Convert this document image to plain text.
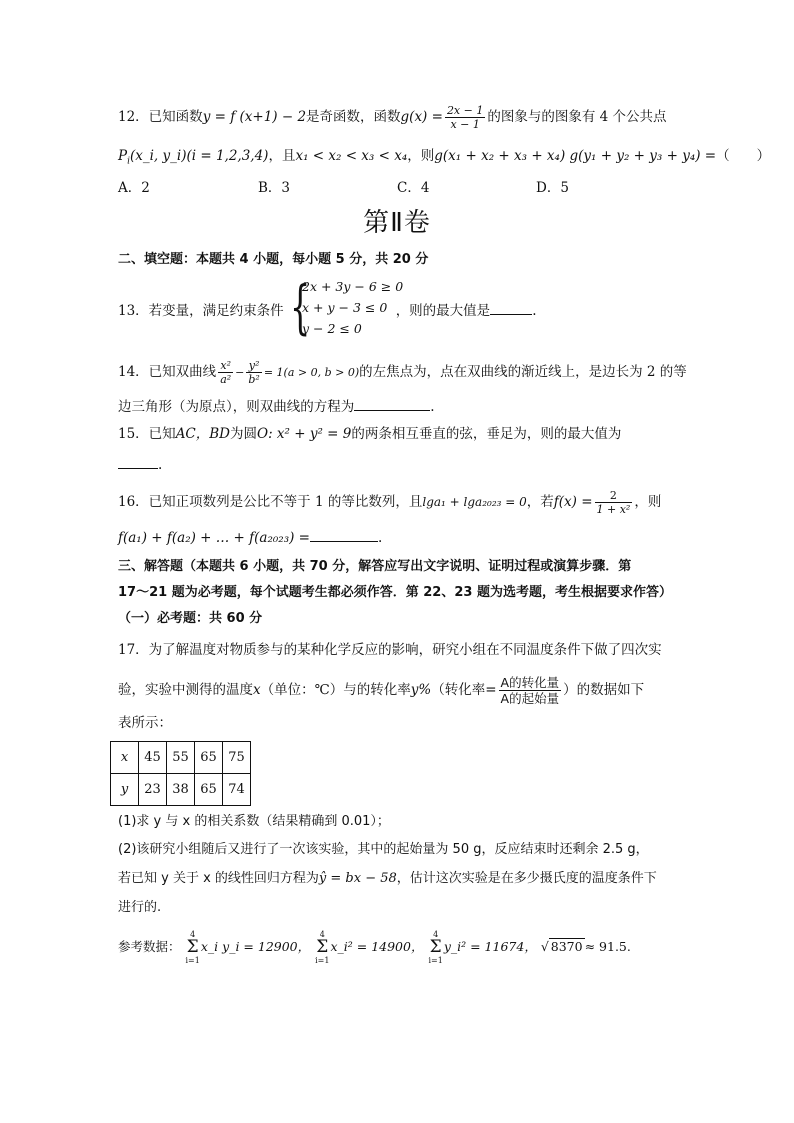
12．已知函数y = f (x+1) − 2是奇函数，函数$g(x) = \frac{2x - 1}{x - 1}$ 的图象与的图象有 4 个公共点
$P_i(x\_i$, y_i)(i = 1,2,3,4)，且x₁ < x₂ < x₃ < x₄，则g(x₁ + x₂ + x₃ + x₄) g(y₁ + y₂ + y₃ + y₄) =（　　）
A．2	B．3	C．4	D．5
第Ⅱ卷
二、填空题：本题共 4 小题，每小题 5 分，共 20 分
13．若变量，满足约束条件	，则的最大值是	.
{
2x + 3y − 6 ≥ 0
x + y − 3 ≤ 0
y − 2 ≤ 0
14．已知双曲线 $\frac{\text{x²}}{\text{a²}} - \frac{\text{y²}}{\text{b²}} = 1(a > 0$, b > 0)的左焦点为，点在双曲线的渐近线上，是边长为 2 的等
边三角形（为原点），则双曲线的方程为	.
15．已知AC，BD为圆O: x² + y² = 9的两条相互垂直的弦，垂足为，则的最大值为
.
16．已知正项数列是公比不等于 1 的等比数列，且lga₁ + lga₂₀₂₃ = 0，若$f(x) = \frac{2}{\text{1 + x²}}$ ，则
f(a₁) + f(a₂) + … + f(a₂₀₂₃) =	.
三、解答题（本题共 6 小题，共 70 分，解答应写出文字说明、证明过程或演算步骤．第
17～21 题为必考题，每个试题考生都必须作答．第 22、23 题为选考题，考生根据要求作答）
（一）必考题：共 60 分
17．为了解温度对物质参与的某种化学反应的影响，研究小组在不同温度条件下做了四次实
验，实验中测得的温度x（单位：℃）与的转化率y%（转化率= $\frac{\text{A的转化量}}{\text{A的起始量}}$ ）的数据如下
表所示：
x	45	55	65	75
y	23	38	65	74
(1)求 y 与 x 的相关系数（结果精确到 0.01）；
(2)该研究小组随后又进行了一次该实验，其中的起始量为 50 g，反应结束时还剩余 2.5 g，
若已知 y 关于 x 的线性回归方程为ŷ = bx − 58，估计这次实验是在多少摄氏度的温度条件下
进行的.
参考数据： 4
Σ
i=1x_i y_i = 12900， 4
Σ
i=1x_i² = 14900， 4
Σ
i=1y_i² = 11674， √ 8370 ≈ 91.5.
